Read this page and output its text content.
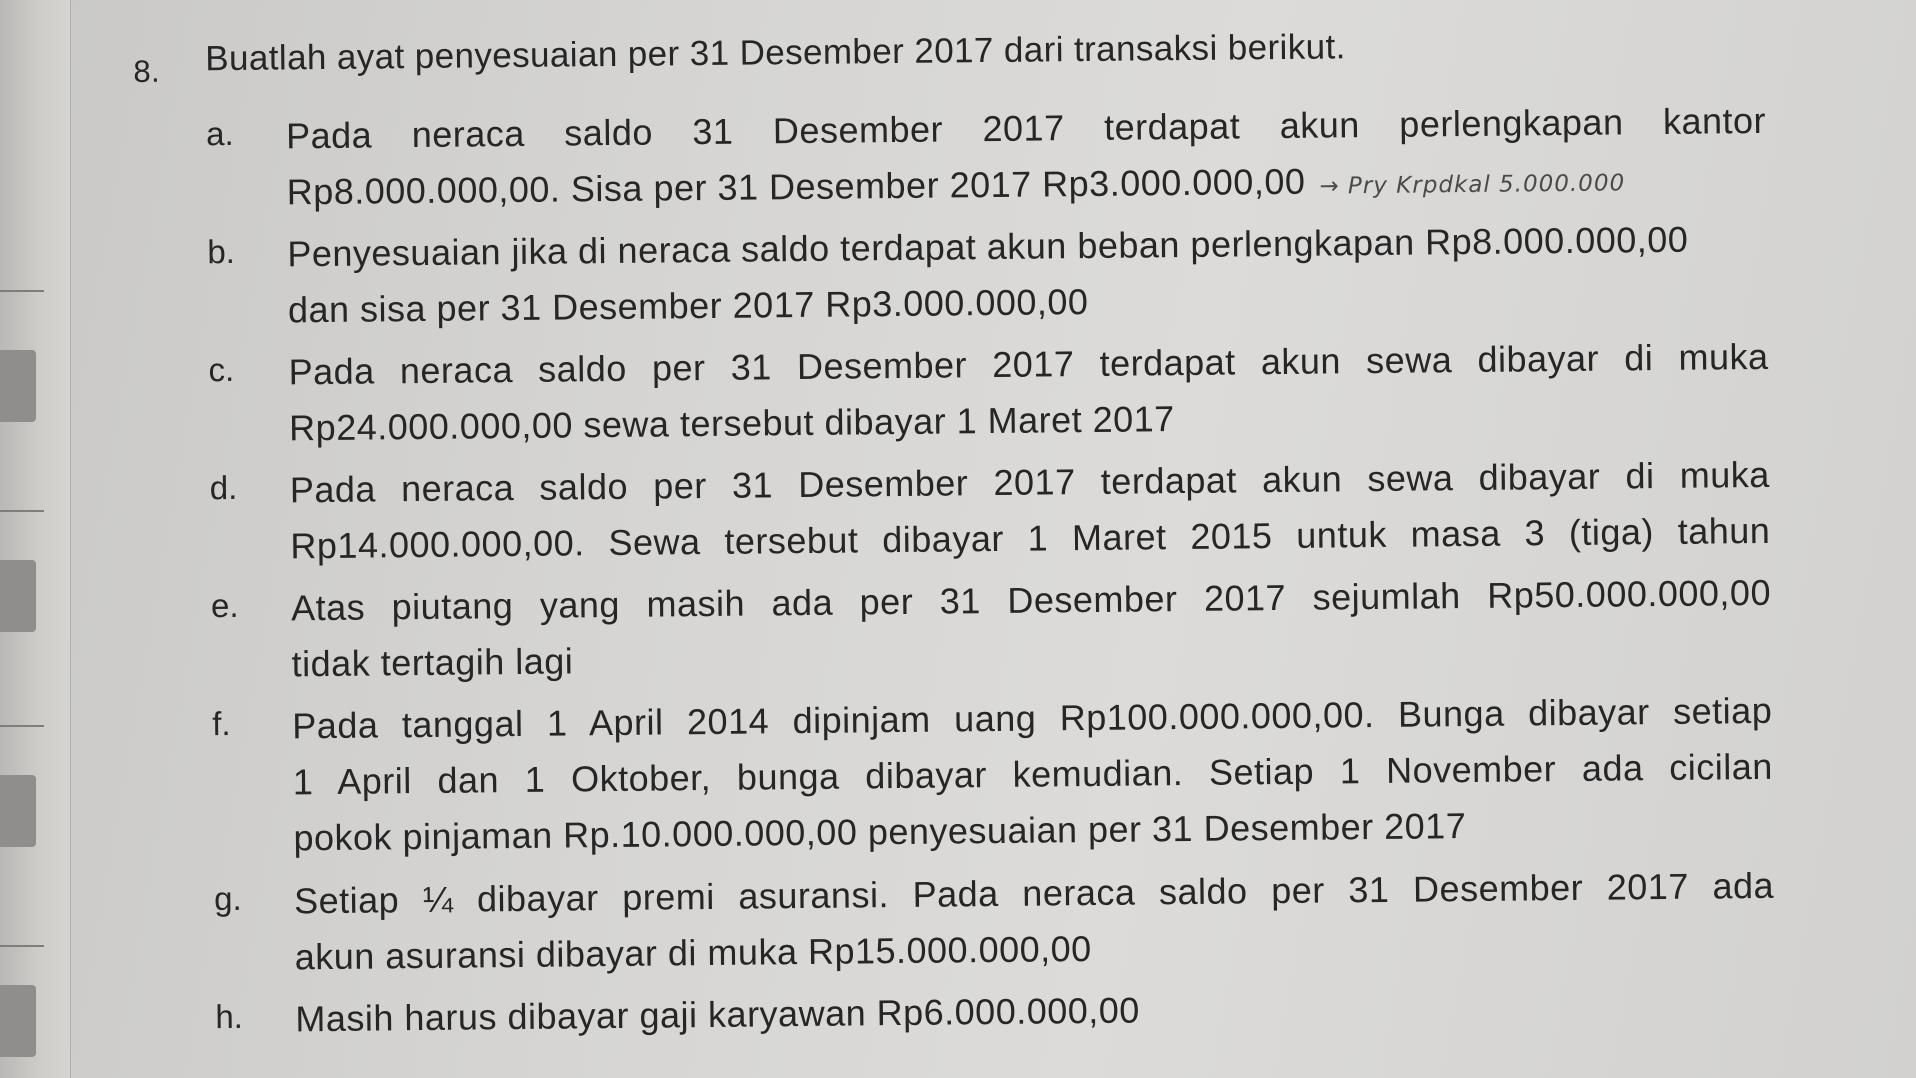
8. Buatlah ayat penyesuaian per 31 Desember 2017 dari transaksi berikut.
a. Pada neraca saldo 31 Desember 2017 terdapat akun perlengkapan kantor
Rp8.000.000,00. Sisa per 31 Desember 2017 Rp3.000.000,00 → Pry Krpdkal 5.000.000
b. Penyesuaian jika di neraca saldo terdapat akun beban perlengkapan Rp8.000.000,00
dan sisa per 31 Desember 2017 Rp3.000.000,00
c. Pada neraca saldo per 31 Desember 2017 terdapat akun sewa dibayar di muka
Rp24.000.000,00 sewa tersebut dibayar 1 Maret 2017
d. Pada neraca saldo per 31 Desember 2017 terdapat akun sewa dibayar di muka
Rp14.000.000,00. Sewa tersebut dibayar 1 Maret 2015 untuk masa 3 (tiga) tahun
e. Atas piutang yang masih ada per 31 Desember 2017 sejumlah Rp50.000.000,00
tidak tertagih lagi
f. Pada tanggal 1 April 2014 dipinjam uang Rp100.000.000,00. Bunga dibayar setiap
1 April dan 1 Oktober, bunga dibayar kemudian. Setiap 1 November ada cicilan
pokok pinjaman Rp.10.000.000,00 penyesuaian per 31 Desember 2017
g. Setiap ¼ dibayar premi asuransi. Pada neraca saldo per 31 Desember 2017 ada
akun asuransi dibayar di muka Rp15.000.000,00
h. Masih harus dibayar gaji karyawan Rp6.000.000,00
